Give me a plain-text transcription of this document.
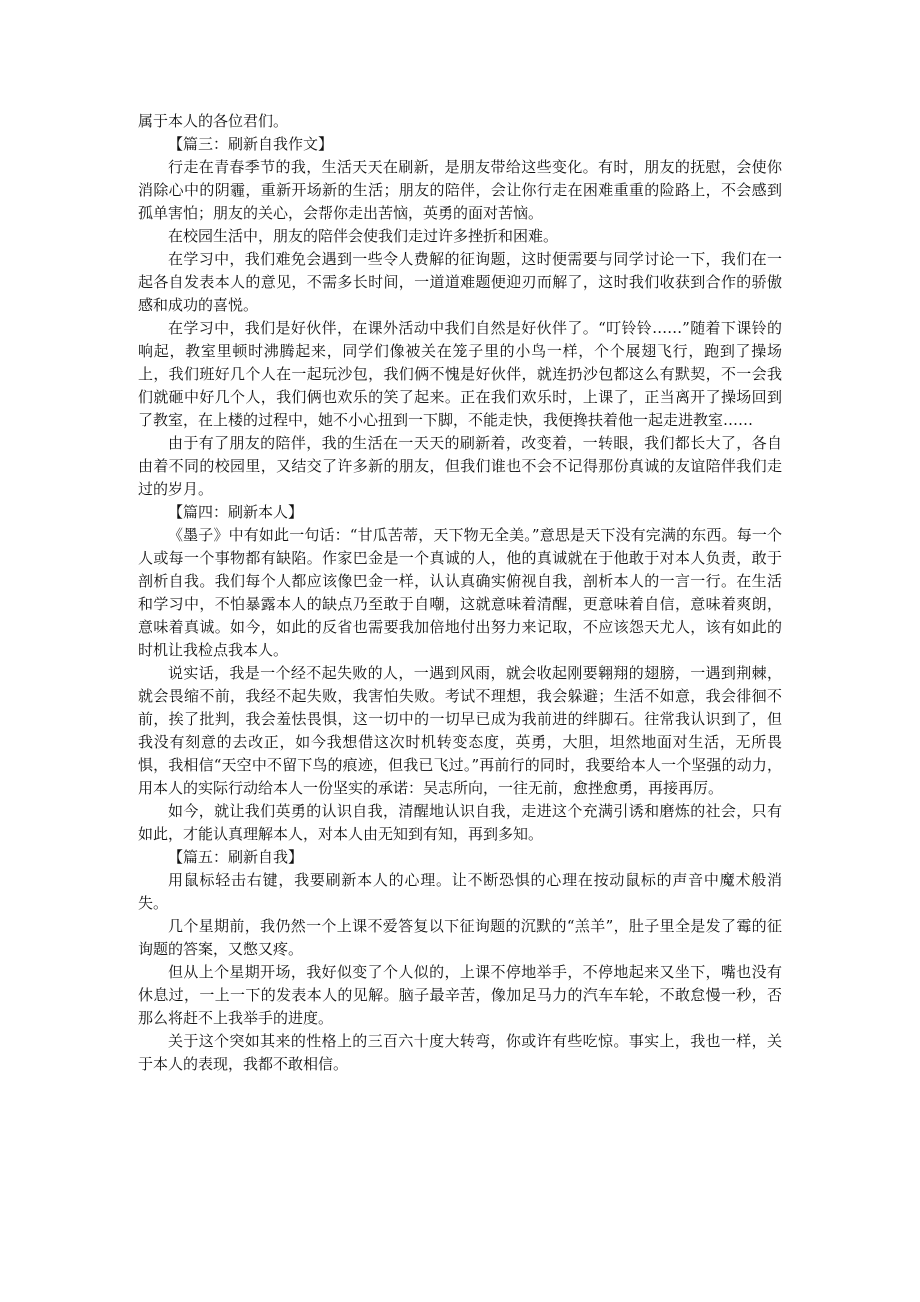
属于本人的各位君们。

【篇三：刷新自我作文】

行走在青春季节的我，生活天天在刷新，是朋友带给这些变化。有时，朋友的抚慰，会使你消除心中的阴霾，重新开场新的生活；朋友的陪伴，会让你行走在困难重重的险路上，不会感到孤单害怕；朋友的关心，会帮你走出苦恼，英勇的面对苦恼。

在校园生活中，朋友的陪伴会使我们走过许多挫折和困难。

在学习中，我们难免会遇到一些令人费解的征询题，这时便需要与同学讨论一下，我们在一起各自发表本人的意见，不需多长时间，一道道难题便迎刃而解了，这时我们收获到合作的骄傲感和成功的喜悦。

在学习中，我们是好伙伴，在课外活动中我们自然是好伙伴了。“叮铃铃……”随着下课铃的响起，教室里顿时沸腾起来，同学们像被关在笼子里的小鸟一样，个个展翅飞行，跑到了操场上，我们班好几个人在一起玩沙包，我们俩不愧是好伙伴，就连扔沙包都这么有默契，不一会我们就砸中好几个人，我们俩也欢乐的笑了起来。正在我们欢乐时，上课了，正当离开了操场回到了教室，在上楼的过程中，她不小心扭到一下脚，不能走快，我便搀扶着他一起走进教室……

由于有了朋友的陪伴，我的生活在一天天的刷新着，改变着，一转眼，我们都长大了，各自由着不同的校园里，又结交了许多新的朋友，但我们谁也不会不记得那份真诚的友谊陪伴我们走过的岁月。

【篇四：刷新本人】

《墨子》中有如此一句话：“甘瓜苦蒂，天下物无全美。”意思是天下没有完满的东西。每一个人或每一个事物都有缺陷。作家巴金是一个真诚的人，他的真诚就在于他敢于对本人负责，敢于剖析自我。我们每个人都应该像巴金一样，认认真确实俯视自我，剖析本人的一言一行。在生活和学习中，不怕暴露本人的缺点乃至敢于自嘲，这就意味着清醒，更意味着自信，意味着爽朗，意味着真诚。如今，如此的反省也需要我加倍地付出努力来记取，不应该怨天尤人，该有如此的时机让我检点我本人。

说实话，我是一个经不起失败的人，一遇到风雨，就会收起刚要翱翔的翅膀，一遇到荆棘，就会畏缩不前，我经不起失败，我害怕失败。考试不理想，我会躲避；生活不如意，我会徘徊不前，挨了批判，我会羞怯畏惧，这一切中的一切早已成为我前进的绊脚石。往常我认识到了，但我没有刻意的去改正，如今我想借这次时机转变态度，英勇，大胆，坦然地面对生活，无所畏惧，我相信“天空中不留下鸟的痕迹，但我已飞过。”再前行的同时，我要给本人一个坚强的动力，用本人的实际行动给本人一份坚实的承诺：吴志所向，一往无前，愈挫愈勇，再接再厉。

如今，就让我们英勇的认识自我，清醒地认识自我，走进这个充满引诱和磨炼的社会，只有如此，才能认真理解本人，对本人由无知到有知，再到多知。

【篇五：刷新自我】

用鼠标轻击右键，我要刷新本人的心理。让不断恐惧的心理在按动鼠标的声音中魔术般消失。

几个星期前，我仍然一个上课不爱答复以下征询题的沉默的“羔羊”，肚子里全是发了霉的征询题的答案，又憋又疼。

但从上个星期开场，我好似变了个人似的，上课不停地举手，不停地起来又坐下，嘴也没有休息过，一上一下的发表本人的见解。脑子最辛苦，像加足马力的汽车车轮，不敢怠慢一秒，否那么将赶不上我举手的进度。

关于这个突如其来的性格上的三百六十度大转弯，你或许有些吃惊。事实上，我也一样，关于本人的表现，我都不敢相信。
